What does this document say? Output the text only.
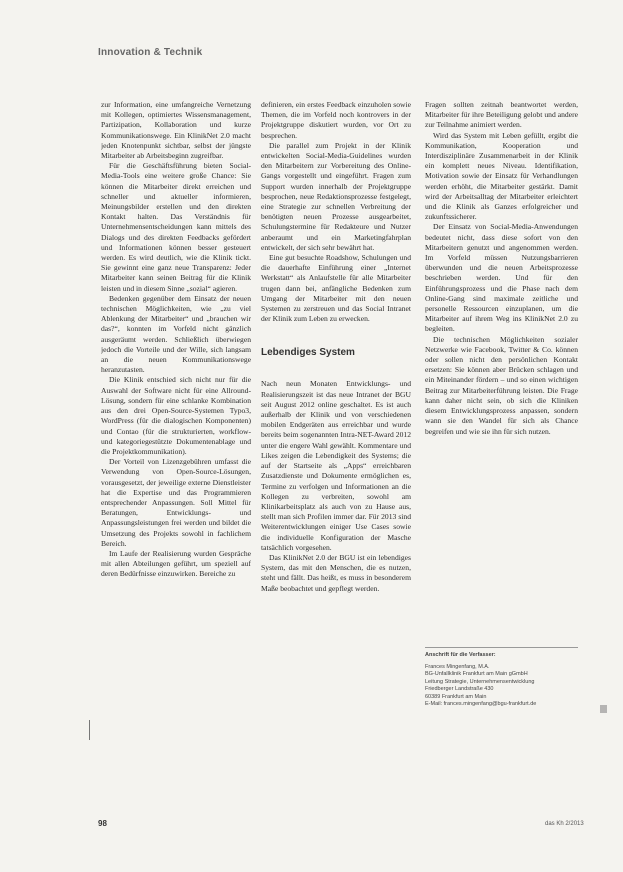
Innovation & Technik

zur Information, eine umfangreiche Vernetzung mit Kollegen, optimiertes Wissensmanagement, Partizipation, Kollaboration und kurze Kommunikationswege. Ein KlinikNet 2.0 macht jeden Knotenpunkt sichtbar, selbst der jüngste Mitarbeiter ab Arbeitsbeginn zugreifbar.

Für die Geschäftsführung bieten Social-Media-Tools eine weitere große Chance: Sie können die Mitarbeiter direkt erreichen und schneller und aktueller informieren, Meinungsbilder erstellen und den direkten Kontakt halten. Das Verständnis für Unternehmensentscheidungen kann mittels des Dialogs und des direkten Feedbacks gefördert und Informationen können besser gesteuert werden. Es wird deutlich, wie die Klinik tickt. Sie gewinnt eine ganz neue Transparenz: Jeder Mitarbeiter kann seinen Beitrag für die Klinik leisten und in diesem Sinne „sozial“ agieren.

Bedenken gegenüber dem Einsatz der neuen technischen Möglichkeiten, wie „zu viel Ablenkung der Mitarbeiter“ und „brauchen wir das?“, konnten im Vorfeld nicht gänzlich ausgeräumt werden. Schließlich überwiegen jedoch die Vorteile und der Wille, sich langsam an die neuen Kommunikationswege heranzutasten.

Die Klinik entschied sich nicht nur für die Auswahl der Software nicht für eine Allround-Lösung, sondern für eine schlanke Kombination aus den drei Open-Source-Systemen Typo3, WordPress (für die dialogischen Komponenten) und Contao (für die strukturierten, workflow- und kategoriegestützte Dokumentenablage und die Projektkommunikation).

Der Vorteil von Lizenzgebühren umfasst die Verwendung von Open-Source-Lösungen, vorausgesetzt, der jeweilige externe Dienstleister hat die Expertise und das Programmieren entsprechender Anpassungen. Soll Mittel für Beratungen, Entwicklungs- und Anpassungsleistungen frei werden und bildet die Umsetzung des Projekts sowohl in fachlichem Bereich.

Im Laufe der Realisierung wurden Gespräche mit allen Abteilungen geführt, um speziell auf deren Bedürfnisse einzuwirken. Bereiche zu

definieren, ein erstes Feedback einzuholen sowie Themen, die im Vorfeld noch kontrovers in der Projektgruppe diskutiert wurden, vor Ort zu besprechen.

Die parallel zum Projekt in der Klinik entwickelten Social-Media-Guidelines wurden den Mitarbeitern zur Vorbereitung des Online-Gangs vorgestellt und eingeführt. Fragen zum Support wurden innerhalb der Projektgruppe besprochen, neue Redaktionsprozesse festgelegt, eine Strategie zur schnellen Verbreitung der benötigten neuen Prozesse ausgearbeitet, Schulungstermine für Redakteure und Nutzer anberaumt und ein Marketingfahrplan entwickelt, der sich sehr bewährt hat.

Eine gut besuchte Roadshow, Schulungen und die dauerhafte Einführung einer „Internet Werkstatt“ als Anlaufstelle für alle Mitarbeiter trugen dann bei, anfängliche Bedenken zum Umgang der Mitarbeiter mit den neuen Systemen zu zerstreuen und das Social Intranet der Klinik zum Leben zu erwecken.

Lebendiges System

Nach neun Monaten Entwicklungs- und Realisierungszeit ist das neue Intranet der BGU seit August 2012 online geschaltet. Es ist auch außerhalb der Klinik und von verschiedenen mobilen Endgeräten aus erreichbar und wurde bereits beim sogenannten Intra-NET-Award 2012 unter die engere Wahl gewählt. Kommentare und Likes zeigen die Lebendigkeit des Systems; die auf der Startseite als „Apps“ erreichbaren Zusatzdienste und Dokumente ermöglichen es, Termine zu verfolgen und Informationen an die Kollegen zu verbreiten, sowohl am Klinikarbeitsplatz als auch von zu Hause aus, stellt man sich Profilen immer dar. Für 2013 sind Weiterentwicklungen einiger Use Cases sowie die individuelle Konfiguration der Masche tatsächlich vorgesehen.

Das KlinikNet 2.0 der BGU ist ein lebendiges System, das mit den Menschen, die es nutzen, steht und fällt. Das heißt, es muss in besonderem Maße beobachtet und gepflegt werden.

Fragen sollten zeitnah beantwortet werden, Mitarbeiter für ihre Beteiligung gelobt und andere zur Teilnahme animiert werden.

Wird das System mit Leben gefüllt, ergibt die Kommunikation, Kooperation und Interdisziplinäre Zusammenarbeit in der Klinik ein komplett neues Niveau. Identifikation, Motivation sowie der Einsatz für Verhandlungen werden erhöht, die Mitarbeiter gestärkt. Damit wird der Arbeitsalltag der Mitarbeiter erleichtert und die Klinik als Ganzes erfolgreicher und zukunftssicherer.

Der Einsatz von Social-Media-Anwendungen bedeutet nicht, dass diese sofort von den Mitarbeitern genutzt und angenommen werden. Im Vorfeld müssen Nutzungsbarrieren überwunden und die neuen Arbeitsprozesse beschrieben werden. Und für den Einführungsprozess und die Phase nach dem Online-Gang sind maximale zeitliche und personelle Ressourcen einzuplanen, um die Mitarbeiter auf ihrem Weg ins KlinikNet 2.0 zu begleiten.

Die technischen Möglichkeiten sozialer Netzwerke wie Facebook, Twitter & Co. können oder sollen nicht den persönlichen Kontakt ersetzen: Sie können aber Brücken schlagen und ein Miteinander fördern – und so einen wichtigen Beitrag zur Mitarbeiterführung leisten. Die Frage kann daher nicht sein, ob sich die Kliniken diesem Entwicklungsprozess anpassen, sondern wann sie den Wandel für sich als Chance begreifen und wie sie ihn für sich nutzen.

Anschrift für die Verfasser:
Frances Mingenfang, M.A.
BG-Unfallklinik Frankfurt am Main gGmbH
Leitung Strategie, Unternehmensentwicklung
Friedberger Landstraße 430
60389 Frankfurt am Main
E-Mail: frances.mingenfang@bgu-frankfurt.de
98	das Kh 2/2013
